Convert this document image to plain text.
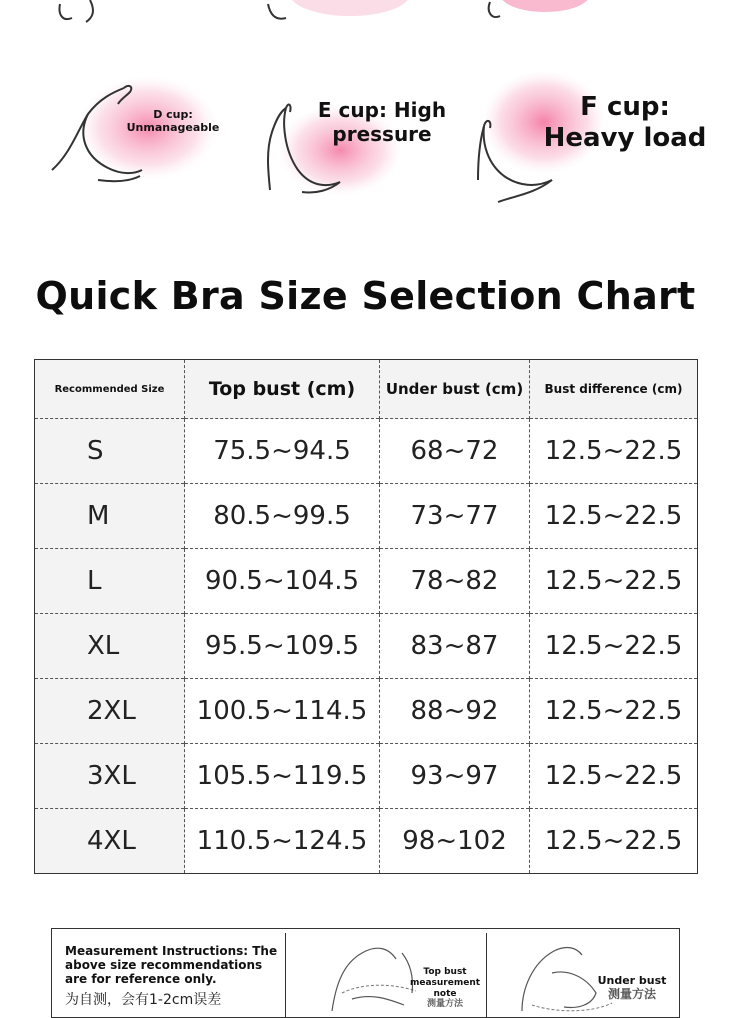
D cup: Unmanageable
E cup: High pressure
F cup: Heavy load
Quick Bra Size Selection Chart
Recommended Size	Top bust (cm)	Under bust (cm)	Bust difference (cm)
S	75.5~94.5	68~72	12.5~22.5
M	80.5~99.5	73~77	12.5~22.5
L	90.5~104.5	78~82	12.5~22.5
XL	95.5~109.5	83~87	12.5~22.5
2XL	100.5~114.5	88~92	12.5~22.5
3XL	105.5~119.5	93~97	12.5~22.5
4XL	110.5~124.5	98~102	12.5~22.5
Measurement Instructions: The above size recommendations are for reference only.
为自测，会有1-2cm误差
Top bust measurement note
测量方法
Under bust
测量方法
